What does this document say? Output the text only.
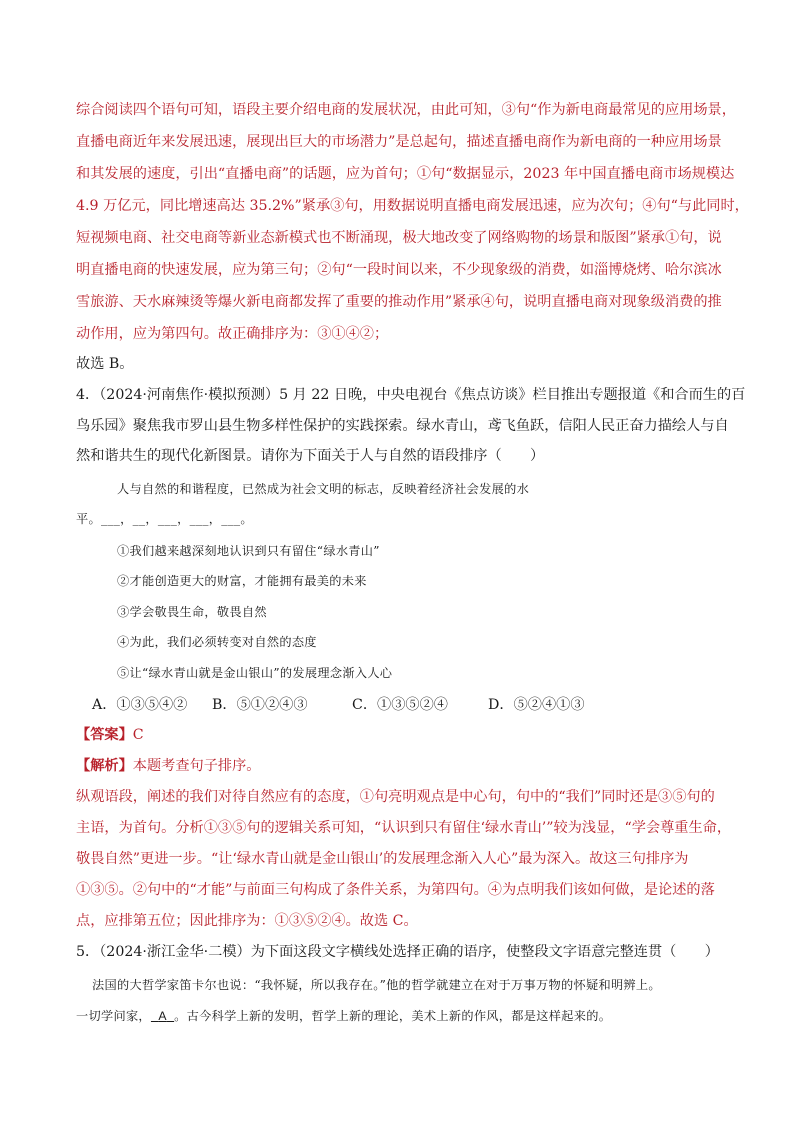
综合阅读四个语句可知，语段主要介绍电商的发展状况，由此可知，③句“作为新电商最常见的应用场景，
直播电商近年来发展迅速，展现出巨大的市场潜力”是总起句，描述直播电商作为新电商的一种应用场景
和其发展的速度，引出“直播电商”的话题，应为首句；①句“数据显示，2023 年中国直播电商市场规模达
4.9 万亿元，同比增速高达 35.2%”紧承③句，用数据说明直播电商发展迅速，应为次句；④句“与此同时，
短视频电商、社交电商等新业态新模式也不断涌现，极大地改变了网络购物的场景和版图”紧承①句，说
明直播电商的快速发展，应为第三句；②句“一段时间以来，不少现象级的消费，如淄博烧烤、哈尔滨冰
雪旅游、天水麻辣烫等爆火新电商都发挥了重要的推动作用”紧承④句，说明直播电商对现象级消费的推
动作用，应为第四句。故正确排序为：③①④②；
故选 B。
4．（2024·河南焦作·模拟预测）5 月 22 日晚，中央电视台《焦点访谈》栏目推出专题报道《和合而生的百
鸟乐园》聚焦我市罗山县生物多样性保护的实践探索。绿水青山，鸢飞鱼跃，信阳人民正奋力描绘人与自
然和谐共生的现代化新图景。请你为下面关于人与自然的语段排序（　　）
人与自然的和谐程度，已然成为社会文明的标志，反映着经济社会发展的水
平。___，__，___，___，___。
①我们越来越深刻地认识到只有留住“绿水青山”
②才能创造更大的财富，才能拥有最美的未来
③学会敬畏生命，敬畏自然
④为此，我们必须转变对自然的态度
⑤让“绿水青山就是金山银山”的发展理念渐入人心
A．①③⑤④② B．⑤①②④③	C．①③⑤②④	D．⑤②④①③
【答案】C
【解析】本题考查句子排序。
纵观语段，阐述的我们对待自然应有的态度，①句亮明观点是中心句，句中的“我们”同时还是③⑤句的
主语，为首句。分析①③⑤句的逻辑关系可知，“认识到只有留住‘绿水青山’”较为浅显，“学会尊重生命，
敬畏自然”更进一步。“让‘绿水青山就是金山银山’的发展理念渐入人心”最为深入。故这三句排序为
①③⑤。②句中的“才能”与前面三句构成了条件关系，为第四句。④为点明我们该如何做，是论述的落
点，应排第五位；因此排序为：①③⑤②④。故选 C。
5．（2024·浙江金华·二模）为下面这段文字横线处选择正确的语序，使整段文字语意完整连贯（　　）
法国的大哲学家笛卡尔也说：“我怀疑，所以我存在。”他的哲学就建立在对于万事万物的怀疑和明辨上。
一切学问家， A 。古今科学上新的发明，哲学上新的理论，美术上新的作风，都是这样起来的。
